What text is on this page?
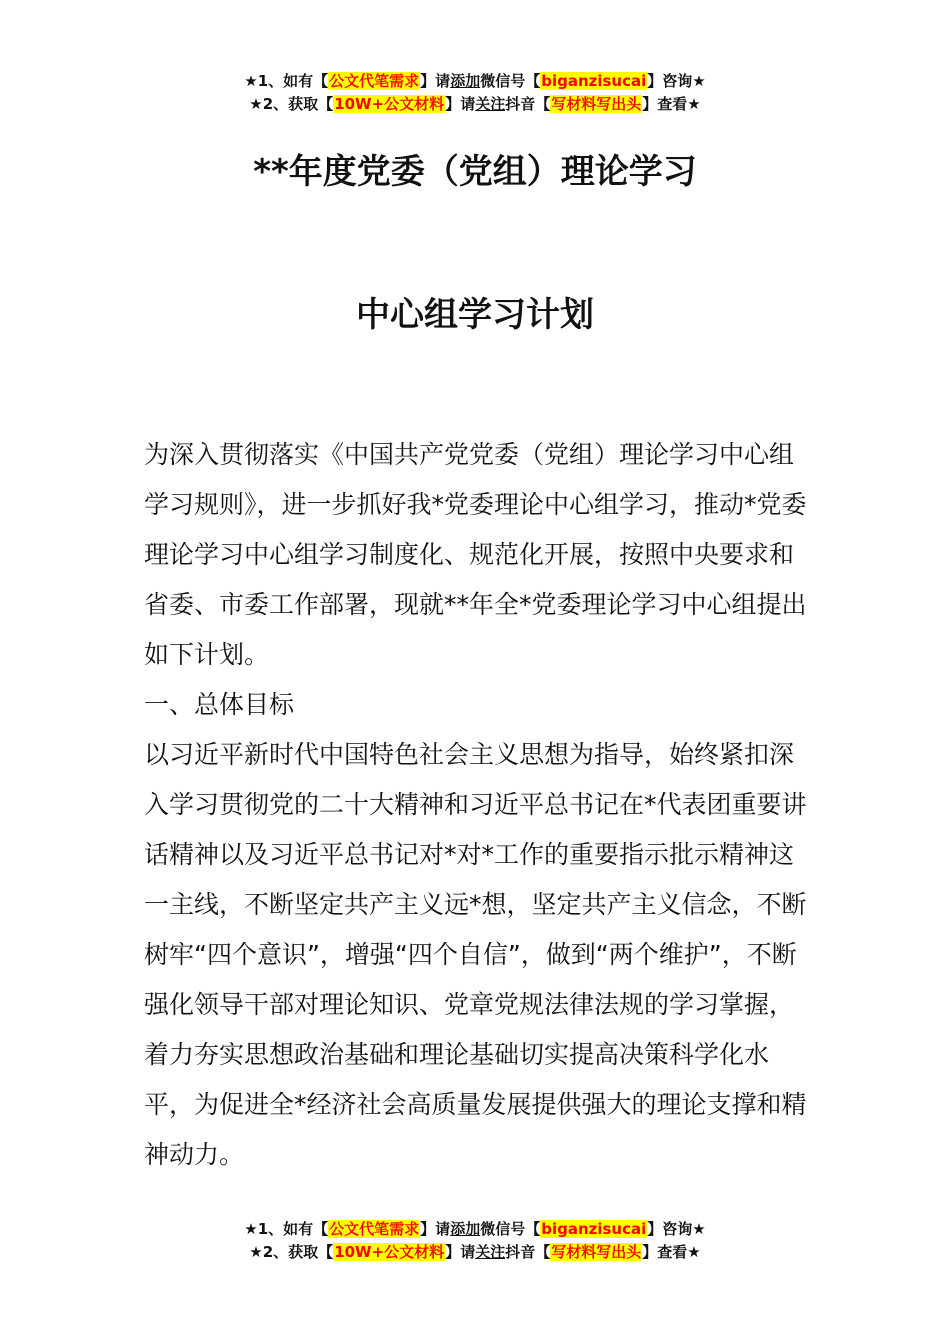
★1、如有【公文代笔需求】请添加微信号【biganzisucai】咨询★
★2、获取【10W+公文材料】请关注抖音【写材料写出头】查看★
**年度党委（党组）理论学习
中心组学习计划

为深入贯彻落实《中国共产党党委（党组）理论学习中心组学习规则》，进一步抓好我*党委理论中心组学习，推动*党委理论学习中心组学习制度化、规范化开展，按照中央要求和省委、市委工作部署，现就**年全*党委理论学习中心组提出如下计划。

一、总体目标

以习近平新时代中国特色社会主义思想为指导，始终紧扣深入学习贯彻党的二十大精神和习近平总书记在*代表团重要讲话精神以及习近平总书记对*对*工作的重要指示批示精神这一主线，不断坚定共产主义远*想，坚定共产主义信念，不断树牢“四个意识”，增强“四个自信”，做到“两个维护”，不断强化领导干部对理论知识、党章党规法律法规的学习掌握，着力夯实思想政治基础和理论基础切实提高决策科学化水平，为促进全*经济社会高质量发展提供强大的理论支撑和精神动力。

★1、如有【公文代笔需求】请添加微信号【biganzisucai】咨询★
★2、获取【10W+公文材料】请关注抖音【写材料写出头】查看★
